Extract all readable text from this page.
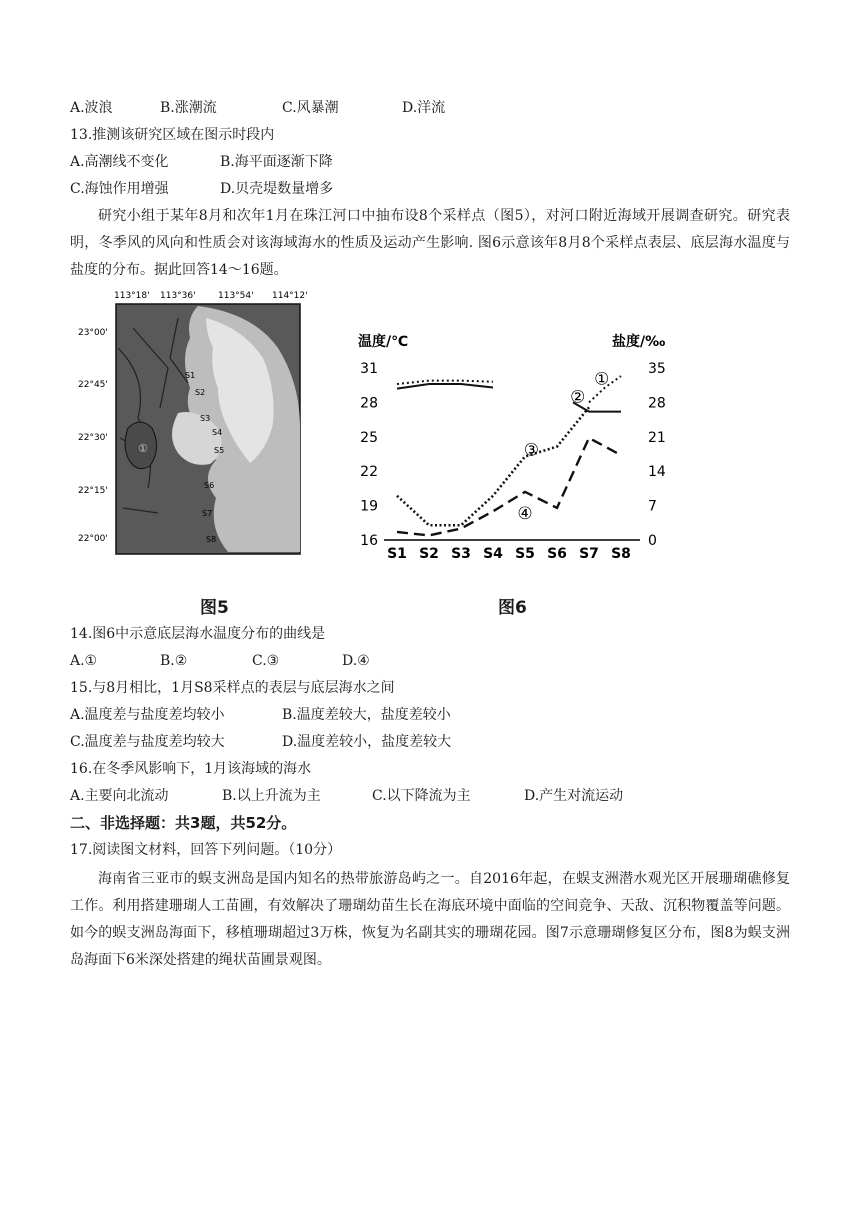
A.波浪	B.涨潮流	C.风暴潮	D.洋流
13.推测该研究区域在图示时段内
A.高潮线不变化	B.海平面逐渐下降
C.海蚀作用增强	D.贝壳堤数量增多
研究小组于某年8月和次年1月在珠江河口中抽布设8个采样点（图5），对河口附近海域开展调查研究。研究表明，冬季风的风向和性质会对该海域海水的性质及运动产生影响. 图6示意该年8月8个采样点表层、底层海水温度与盐度的分布。据此回答14～16题。
113°18' 113°36' 113°54' 114°12'
23°00'
22°45'
22°30'
22°15'
22°00'
①
S1
S2
S3
S4
S5
S6
S7
S8
图5
温度/℃	盐度/‰
16
19
22
25
28
31
0
7
14
21
28
35
S1 S2 S3 S4 S5 S6 S7 S8
①
②
③
④
图6
14.图6中示意底层海水温度分布的曲线是
A.①	B.②	C.③	D.④
15.与8月相比，1月S8采样点的表层与底层海水之间
A.温度差与盐度差均较小	B.温度差较大，盐度差较小
C.温度差与盐度差均较大	D.温度差较小，盐度差较大
16.在冬季风影响下，1月该海域的海水
A.主要向北流动	B.以上升流为主	C.以下降流为主	D.产生对流运动
二、非选择题：共3题，共52分。
17.阅读图文材料，回答下列问题。（10分）
海南省三亚市的蜈支洲岛是国内知名的热带旅游岛屿之一。自2016年起，在蜈支洲潜水观光区开展珊瑚礁修复工作。利用搭建珊瑚人工苗圃，有效解决了珊瑚幼苗生长在海底环境中面临的空间竞争、天敌、沉积物覆盖等问题。如今的蜈支洲岛海面下，移植珊瑚超过3万株，恢复为名副其实的珊瑚花园。图7示意珊瑚修复区分布，图8为蜈支洲岛海面下6米深处搭建的绳状苗圃景观图。
